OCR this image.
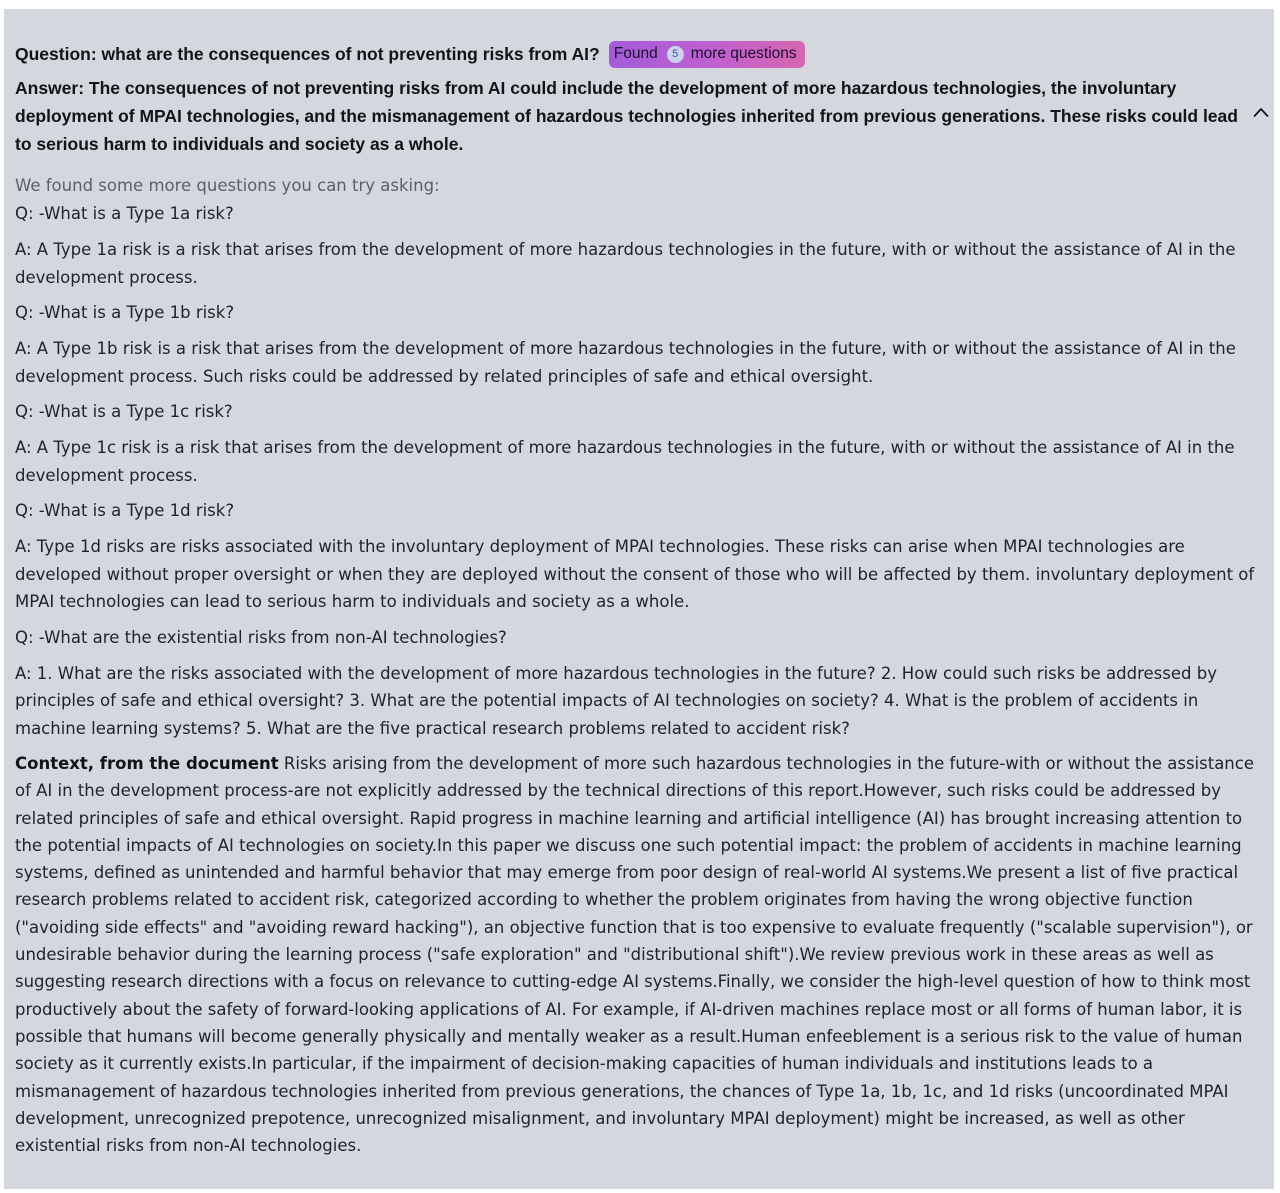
Question: what are the consequences of not preventing risks from AI? Found	5 more questions
Answer: The consequences of not preventing risks from AI could include the development of more hazardous technologies, the involuntary deployment of MPAI technologies, and the mismanagement of hazardous technologies inherited from previous generations. These risks could lead to serious harm to individuals and society as a whole.
We found some more questions you can try asking:
Q: -What is a Type 1a risk?
A: A Type 1a risk is a risk that arises from the development of more hazardous technologies in the future, with or without the assistance of AI in the development process.
Q: -What is a Type 1b risk?
A: A Type 1b risk is a risk that arises from the development of more hazardous technologies in the future, with or without the assistance of AI in the development process. Such risks could be addressed by related principles of safe and ethical oversight.
Q: -What is a Type 1c risk?
A: A Type 1c risk is a risk that arises from the development of more hazardous technologies in the future, with or without the assistance of AI in the development process.
Q: -What is a Type 1d risk?
A: Type 1d risks are risks associated with the involuntary deployment of MPAI technologies. These risks can arise when MPAI technologies are developed without proper oversight or when they are deployed without the consent of those who will be affected by them. involuntary deployment of MPAI technologies can lead to serious harm to individuals and society as a whole.
Q: -What are the existential risks from non-AI technologies?
A: 1. What are the risks associated with the development of more hazardous technologies in the future? 2. How could such risks be addressed by principles of safe and ethical oversight? 3. What are the potential impacts of AI technologies on society? 4. What is the problem of accidents in machine learning systems? 5. What are the five practical research problems related to accident risk?
Context, from the document Risks arising from the development of more such hazardous technologies in the future-with or without the assistance of AI in the development process-are not explicitly addressed by the technical directions of this report.However, such risks could be addressed by related principles of safe and ethical oversight. Rapid progress in machine learning and artificial intelligence (AI) has brought increasing attention to the potential impacts of AI technologies on society.In this paper we discuss one such potential impact: the problem of accidents in machine learning systems, defined as unintended and harmful behavior that may emerge from poor design of real-world AI systems.We present a list of five practical research problems related to accident risk, categorized according to whether the problem originates from having the wrong objective function ("avoiding side effects" and "avoiding reward hacking"), an objective function that is too expensive to evaluate frequently ("scalable supervision"), or undesirable behavior during the learning process ("safe exploration" and "distributional shift").We review previous work in these areas as well as suggesting research directions with a focus on relevance to cutting-edge AI systems.Finally, we consider the high-level question of how to think most productively about the safety of forward-looking applications of AI. For example, if AI-driven machines replace most or all forms of human labor, it is possible that humans will become generally physically and mentally weaker as a result.Human enfeeblement is a serious risk to the value of human society as it currently exists.In particular, if the impairment of decision-making capacities of human individuals and institutions leads to a mismanagement of hazardous technologies inherited from previous generations, the chances of Type 1a, 1b, 1c, and 1d risks (uncoordinated MPAI development, unrecognized prepotence, unrecognized misalignment, and involuntary MPAI deployment) might be increased, as well as other existential risks from non-AI technologies.
